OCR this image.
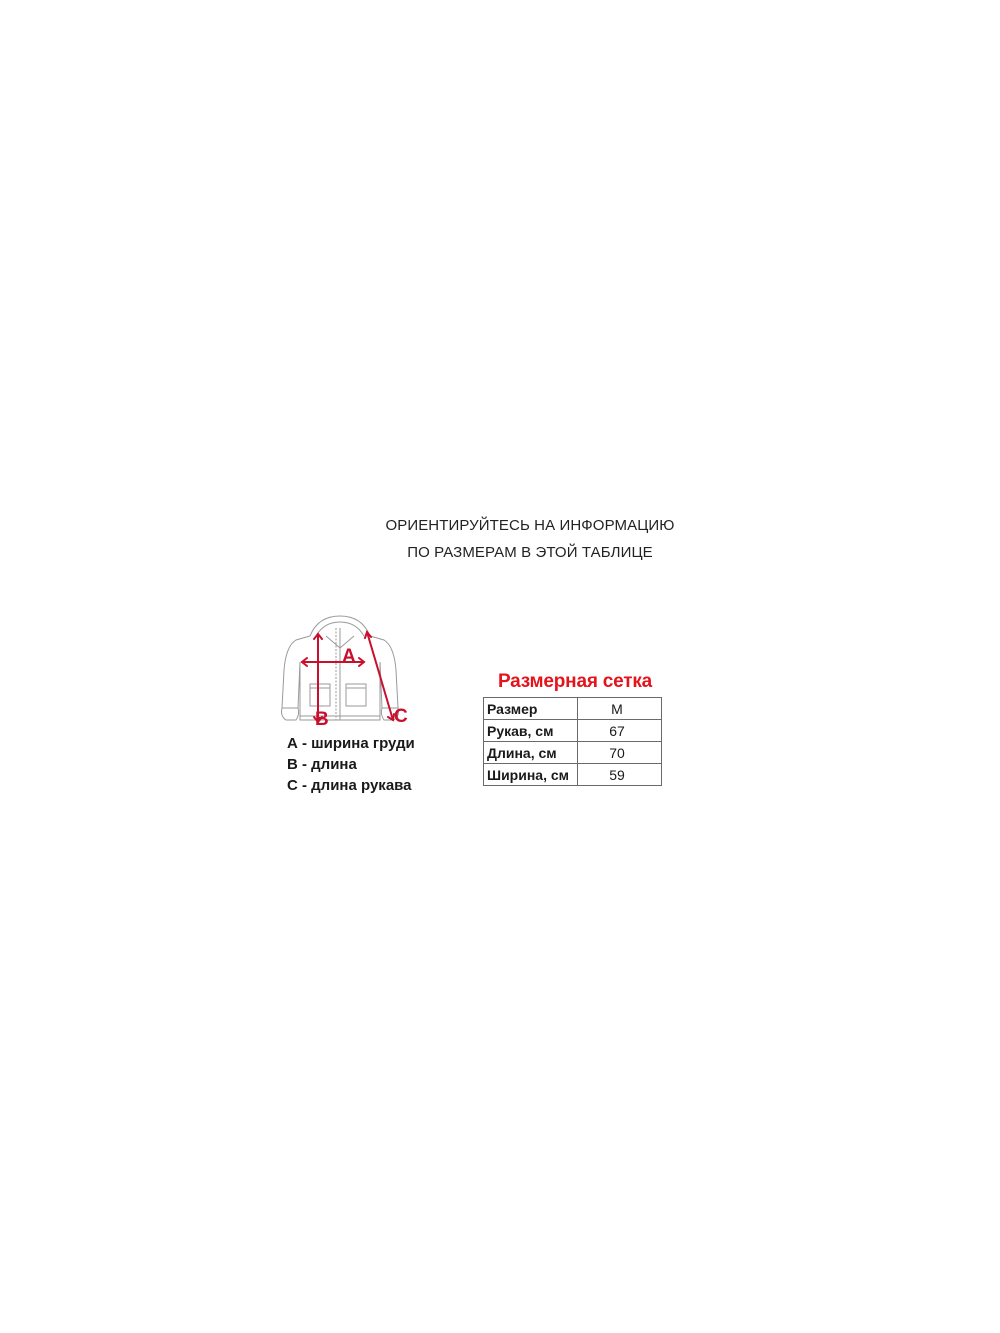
ОРИЕНТИРУЙТЕСЬ НА ИНФОРМАЦИЮ
ПО РАЗМЕРАМ В ЭТОЙ ТАБЛИЦЕ
A
B	C
А - ширина груди
В - длина
С - длина рукава
Размерная сетка
Размер	M
Рукав, см	67
Длина, см	70
Ширина, см	59
